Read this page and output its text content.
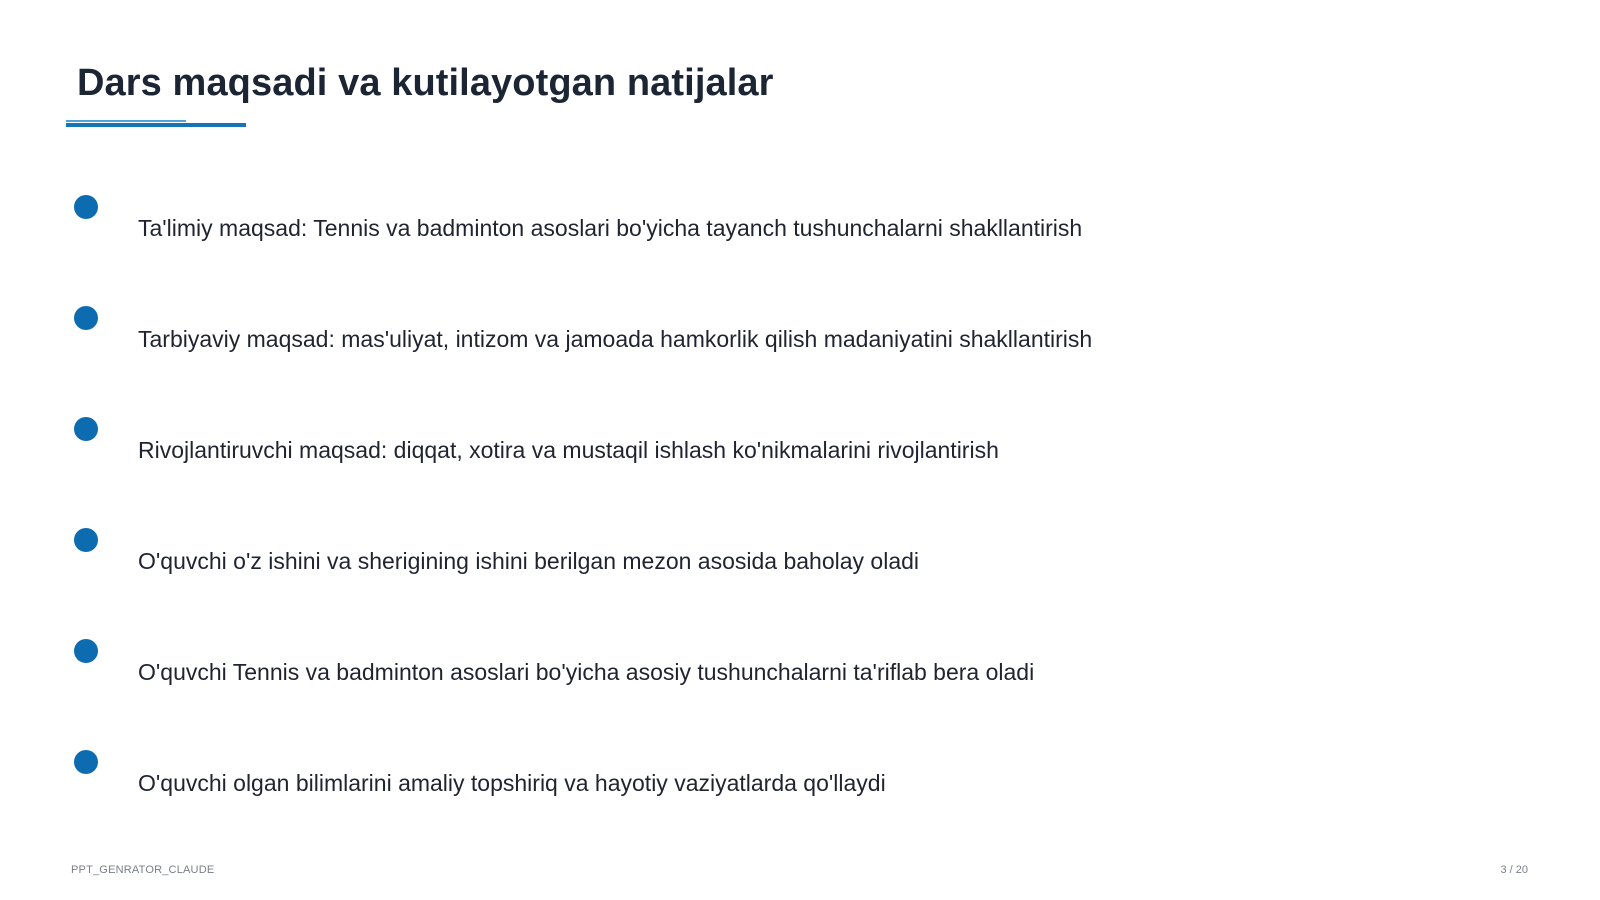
Dars maqsadi va kutilayotgan natijalar
Ta'limiy maqsad: Tennis va badminton asoslari bo'yicha tayanch tushunchalarni shakllantirish
Tarbiyaviy maqsad: mas'uliyat, intizom va jamoada hamkorlik qilish madaniyatini shakllantirish
Rivojlantiruvchi maqsad: diqqat, xotira va mustaqil ishlash ko'nikmalarini rivojlantirish
O'quvchi o'z ishini va sherigining ishini berilgan mezon asosida baholay oladi
O'quvchi Tennis va badminton asoslari bo'yicha asosiy tushunchalarni ta'riflab bera oladi
O'quvchi olgan bilimlarini amaliy topshiriq va hayotiy vaziyatlarda qo'llaydi
PPT_GENRATOR_CLAUDE	3 / 20
